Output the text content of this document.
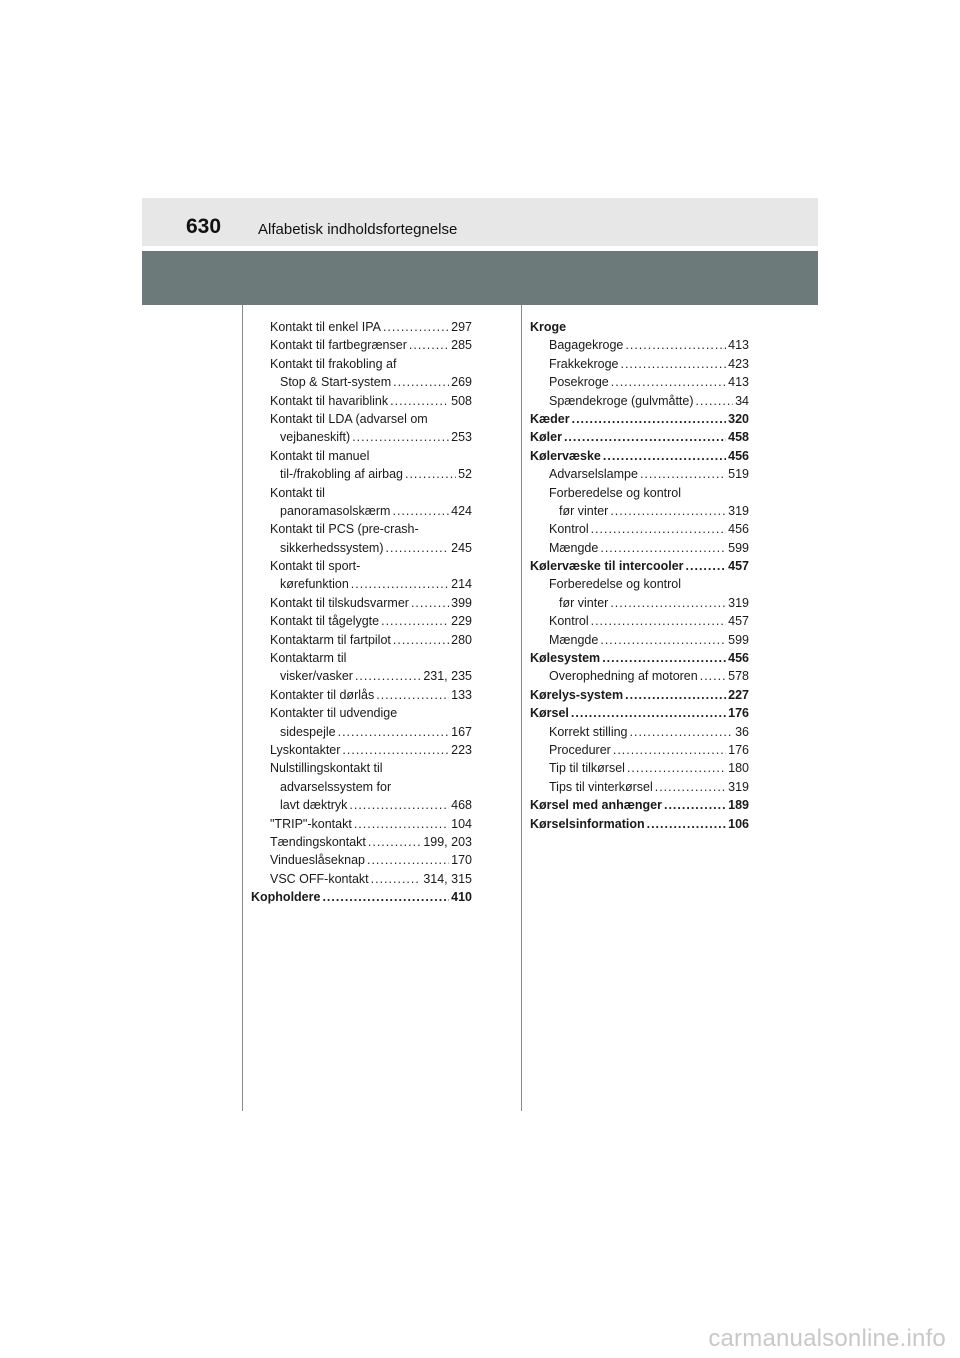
630 Alfabetisk indholdsfortegnelse
Kontakt til enkel IPA .....	297
Kontakt til fartbegrænser .....	285
Kontakt til frakobling af
Stop & Start-system .....	269
Kontakt til havariblink .....	508
Kontakt til LDA (advarsel om
vejbaneskift) .....	253
Kontakt til manuel
til-/frakobling af airbag .....	52
Kontakt til
panoramasolskærm .....	424
Kontakt til PCS (pre-crash-
sikkerhedssystem) .....	245
Kontakt til sport-
kørefunktion .....	214
Kontakt til tilskudsvarmer .....	399
Kontakt til tågelygte .....	229
Kontaktarm til fartpilot .....	280
Kontaktarm til
visker/vasker .....	231, 235
Kontakter til dørlås .....	133
Kontakter til udvendige
sidespejle .....	167
Lyskontakter .....	223
Nulstillingskontakt til
advarselssystem for
lavt dæktryk .....	468
"TRIP"-kontakt .....	104
Tændingskontakt .....	199, 203
Vindueslåseknap .....	170
VSC OFF-kontakt .....	314, 315
Kopholdere .....	410
Kroge
Bagagekroge .....	413
Frakkekroge .....	423
Posekroge .....	413
Spændekroge (gulvmåtte) .....	34
Kæder .....	320
Køler .....	458
Kølervæske .....	456
Advarselslampe .....	519
Forberedelse og kontrol
før vinter .....	319
Kontrol .....	456
Mængde .....	599
Kølervæske til intercooler .....	457
Forberedelse og kontrol
før vinter .....	319
Kontrol .....	457
Mængde .....	599
Kølesystem .....	456
Overophedning af motoren ..... 578
Kørelys-system .....	227
Kørsel .....	176
Korrekt stilling .....	36
Procedurer .....	176
Tip til tilkørsel .....	180
Tips til vinterkørsel .....	319
Kørsel med anhænger .....	189
Kørselsinformation .....	106
carmanualsonline.info
